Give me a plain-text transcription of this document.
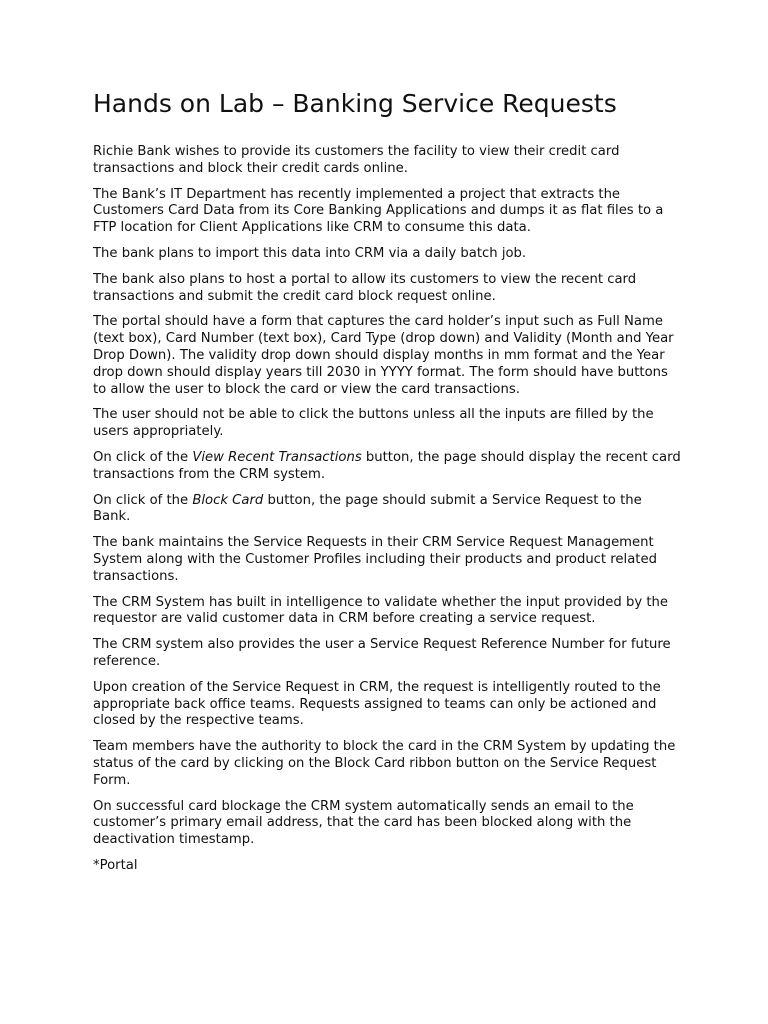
Hands on Lab – Banking Service Requests

Richie Bank wishes to provide its customers the facility to view their credit card transactions and block their credit cards online.

The Bank’s IT Department has recently implemented a project that extracts the Customers Card Data from its Core Banking Applications and dumps it as flat files to a FTP location for Client Applications like CRM to consume this data.

The bank plans to import this data into CRM via a daily batch job.

The bank also plans to host a portal to allow its customers to view the recent card transactions and submit the credit card block request online.

The portal should have a form that captures the card holder’s input such as Full Name (text box), Card Number (text box), Card Type (drop down) and Validity (Month and Year Drop Down). The validity drop down should display months in mm format and the Year drop down should display years till 2030 in YYYY format. The form should have buttons to allow the user to block the card or view the card transactions.

The user should not be able to click the buttons unless all the inputs are filled by the users appropriately.

On click of the View Recent Transactions button, the page should display the recent card transactions from the CRM system.

On click of the Block Card button, the page should submit a Service Request to the Bank.

The bank maintains the Service Requests in their CRM Service Request Management System along with the Customer Profiles including their products and product related transactions.

The CRM System has built in intelligence to validate whether the input provided by the requestor are valid customer data in CRM before creating a service request.

The CRM system also provides the user a Service Request Reference Number for future reference.

Upon creation of the Service Request in CRM, the request is intelligently routed to the appropriate back office teams. Requests assigned to teams can only be actioned and closed by the respective teams.

Team members have the authority to block the card in the CRM System by updating the status of the card by clicking on the Block Card ribbon button on the Service Request Form.

On successful card blockage the CRM system automatically sends an email to the customer’s primary email address, that the card has been blocked along with the deactivation timestamp.

*Portal
